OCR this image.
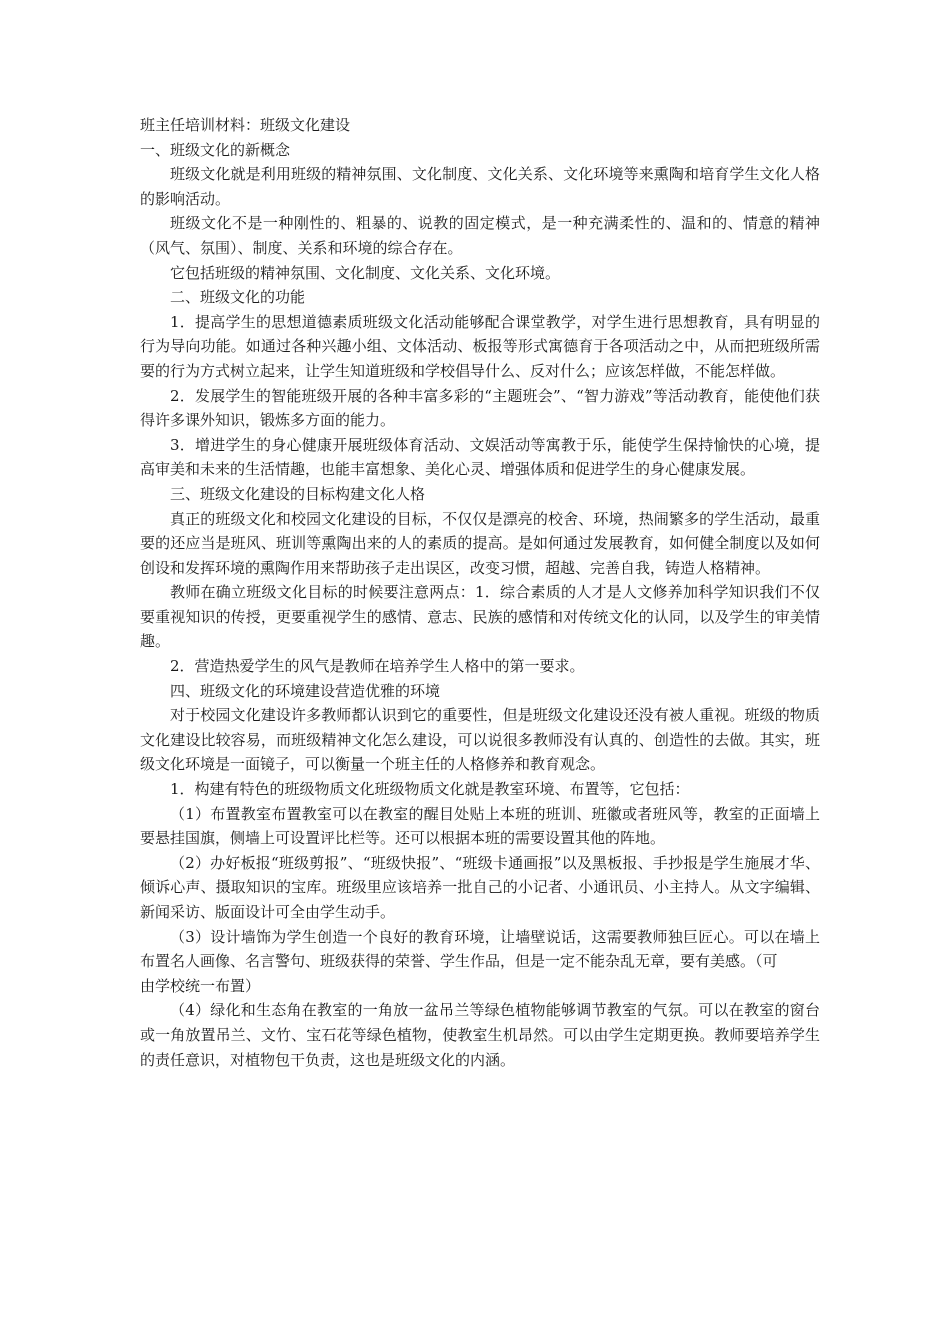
班主任培训材料：班级文化建设

一、班级文化的新概念

班级文化就是利用班级的精神氛围、文化制度、文化关系、文化环境等来熏陶和培育学生文化人格的影响活动。

班级文化不是一种刚性的、粗暴的、说教的固定模式，是一种充满柔性的、温和的、情意的精神（风气、氛围）、制度、关系和环境的综合存在。

它包括班级的精神氛围、文化制度、文化关系、文化环境。

二、班级文化的功能

1．提高学生的思想道德素质班级文化活动能够配合课堂教学，对学生进行思想教育，具有明显的行为导向功能。如通过各种兴趣小组、文体活动、板报等形式寓德育于各项活动之中，从而把班级所需要的行为方式树立起来，让学生知道班级和学校倡导什么、反对什么；应该怎样做，不能怎样做。

2．发展学生的智能班级开展的各种丰富多彩的“主题班会”、“智力游戏”等活动教育，能使他们获得许多课外知识，锻炼多方面的能力。

3．增进学生的身心健康开展班级体育活动、文娱活动等寓教于乐，能使学生保持愉快的心境，提高审美和未来的生活情趣，也能丰富想象、美化心灵、增强体质和促进学生的身心健康发展。

三、班级文化建设的目标构建文化人格

真正的班级文化和校园文化建设的目标，不仅仅是漂亮的校舍、环境，热闹繁多的学生活动，最重要的还应当是班风、班训等熏陶出来的人的素质的提高。是如何通过发展教育，如何健全制度以及如何创设和发挥环境的熏陶作用来帮助孩子走出误区，改变习惯，超越、完善自我，铸造人格精神。

教师在确立班级文化目标的时候要注意两点：1．综合素质的人才是人文修养加科学知识我们不仅要重视知识的传授，更要重视学生的感情、意志、民族的感情和对传统文化的认同，以及学生的审美情趣。

2．营造热爱学生的风气是教师在培养学生人格中的第一要求。

四、班级文化的环境建设营造优雅的环境

对于校园文化建设许多教师都认识到它的重要性，但是班级文化建设还没有被人重视。班级的物质文化建设比较容易，而班级精神文化怎么建设，可以说很多教师没有认真的、创造性的去做。其实，班级文化环境是一面镜子，可以衡量一个班主任的人格修养和教育观念。

1．构建有特色的班级物质文化班级物质文化就是教室环境、布置等，它包括：

（1）布置教室布置教室可以在教室的醒目处贴上本班的班训、班徽或者班风等，教室的正面墙上要悬挂国旗，侧墙上可设置评比栏等。还可以根据本班的需要设置其他的阵地。

（2）办好板报“班级剪报”、“班级快报”、“班级卡通画报”以及黑板报、手抄报是学生施展才华、倾诉心声、摄取知识的宝库。班级里应该培养一批自己的小记者、小通讯员、小主持人。从文字编辑、新闻采访、版面设计可全由学生动手。

（3）设计墙饰为学生创造一个良好的教育环境，让墙壁说话，这需要教师独巨匠心。可以在墙上布置名人画像、名言警句、班级获得的荣誉、学生作品，但是一定不能杂乱无章，要有美感。（可

由学校统一布置）

（4）绿化和生态角在教室的一角放一盆吊兰等绿色植物能够调节教室的气氛。可以在教室的窗台或一角放置吊兰、文竹、宝石花等绿色植物，使教室生机昂然。可以由学生定期更换。教师要培养学生的责任意识，对植物包干负责，这也是班级文化的内涵。
